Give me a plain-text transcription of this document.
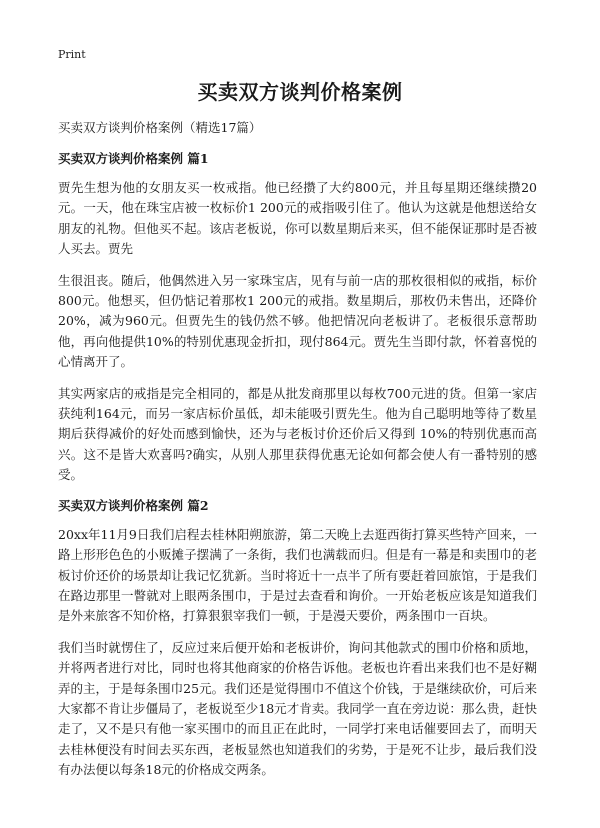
Print
买卖双方谈判价格案例

买卖双方谈判价格案例（精选17篇）

买卖双方谈判价格案例 篇1

贾先生想为他的女朋友买一枚戒指。他已经攒了大约800元，并且每星期还继续攒20元。一天，他在珠宝店被一枚标价1 200元的戒指吸引住了。他认为这就是他想送给女朋友的礼物。但他买不起。该店老板说，你可以数星期后来买，但不能保证那时是否被人买去。贾先

生很沮丧。随后，他偶然进入另一家珠宝店，见有与前一店的那枚很相似的戒指，标价800元。他想买，但仍惦记着那枚1 200元的戒指。数星期后，那枚仍未售出，还降价20%，减为960元。但贾先生的钱仍然不够。他把情况向老板讲了。老板很乐意帮助他，再向他提供10%的特别优惠现金折扣，现付864元。贾先生当即付款，怀着喜悦的心情离开了。

其实两家店的戒指是完全相同的，都是从批发商那里以每枚700元进的货。但第一家店获纯利164元，而另一家店标价虽低，却未能吸引贾先生。他为自己聪明地等待了数星期后获得减价的好处而感到愉快，还为与老板讨价还价后又得到 10%的特别优惠而高兴。这不是皆大欢喜吗?确实，从别人那里获得优惠无论如何都会使人有一番特别的感受。

买卖双方谈判价格案例 篇2

20xx年11月9日我们启程去桂林阳朔旅游，第二天晚上去逛西街打算买些特产回来，一路上形形色色的小贩摊子摆满了一条街，我们也满载而归。但是有一幕是和卖围巾的老板讨价还价的场景却让我记忆犹新。当时将近十一点半了所有要赶着回旅馆，于是我们在路边那里一瞥就对上眼两条围巾，于是过去查看和询价。一开始老板应该是知道我们是外来旅客不知价格，打算狠狠宰我们一顿，于是漫天要价，两条围巾一百块。

我们当时就愣住了，反应过来后便开始和老板讲价，询问其他款式的围巾价格和质地，并将两者进行对比，同时也将其他商家的价格告诉他。老板也许看出来我们也不是好糊弄的主，于是每条围巾25元。我们还是觉得围巾不值这个价钱，于是继续砍价，可后来大家都不肯让步僵局了，老板说至少18元才肯卖。我同学一直在旁边说：那么贵，赶快走了，又不是只有他一家买围巾的而且正在此时，一同学打来电话催要回去了，而明天去桂林便没有时间去买东西，老板显然也知道我们的劣势，于是死不让步，最后我们没有办法便以每条18元的价格成交两条。
